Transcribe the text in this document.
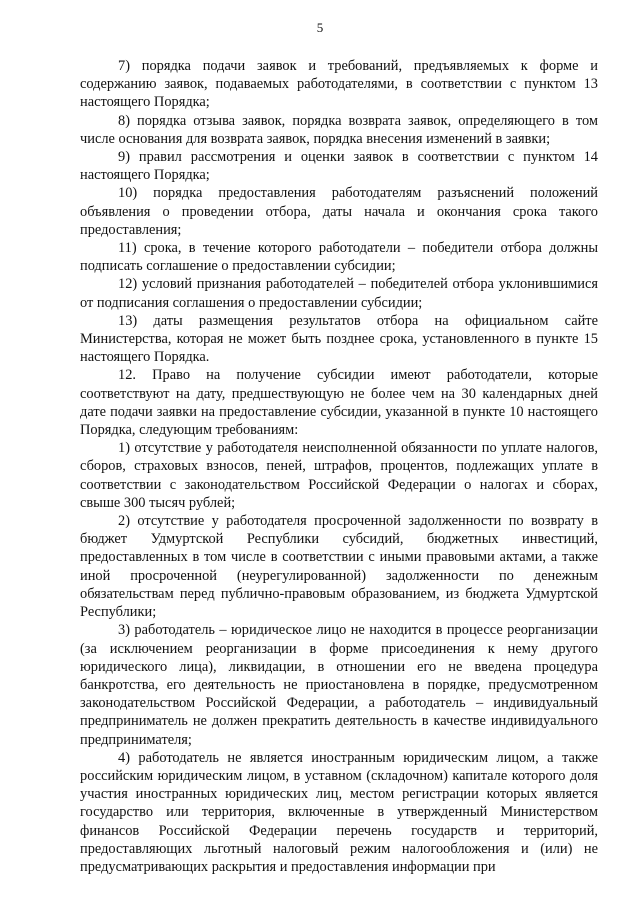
5

7) порядка подачи заявок и требований, предъявляемых к форме и содержанию заявок, подаваемых работодателями, в соответствии с пунктом 13 настоящего Порядка;

8) порядка отзыва заявок, порядка возврата заявок, определяющего в том числе основания для возврата заявок, порядка внесения изменений в заявки;

9) правил рассмотрения и оценки заявок в соответствии с пунктом 14 настоящего Порядка;

10) порядка предоставления работодателям разъяснений положений объявления о проведении отбора, даты начала и окончания срока такого предоставления;

11) срока, в течение которого работодатели – победители отбора должны подписать соглашение о предоставлении субсидии;

12) условий признания работодателей – победителей отбора уклонившимися от подписания соглашения о предоставлении субсидии;

13) даты размещения результатов отбора на официальном сайте Министерства, которая не может быть позднее срока, установленного в пункте 15 настоящего Порядка.

12. Право на получение субсидии имеют работодатели, которые соответствуют на дату, предшествующую не более чем на 30 календарных дней дате подачи заявки на предоставление субсидии, указанной в пункте 10 настоящего Порядка, следующим требованиям:

1) отсутствие у работодателя неисполненной обязанности по уплате налогов, сборов, страховых взносов, пеней, штрафов, процентов, подлежащих уплате в соответствии с законодательством Российской Федерации о налогах и сборах, свыше 300 тысяч рублей;

2) отсутствие у работодателя просроченной задолженности по возврату в бюджет Удмуртской Республики субсидий, бюджетных инвестиций, предоставленных в том числе в соответствии с иными правовыми актами, а также иной просроченной (неурегулированной) задолженности по денежным обязательствам перед публично-правовым образованием, из бюджета Удмуртской Республики;

3) работодатель – юридическое лицо не находится в процессе реорганизации (за исключением реорганизации в форме присоединения к нему другого юридического лица), ликвидации, в отношении его не введена процедура банкротства, его деятельность не приостановлена в порядке, предусмотренном законодательством Российской Федерации, а работодатель – индивидуальный предприниматель не должен прекратить деятельность в качестве индивидуального предпринимателя;

4) работодатель не является иностранным юридическим лицом, а также российским юридическим лицом, в уставном (складочном) капитале которого доля участия иностранных юридических лиц, местом регистрации которых является государство или территория, включенные в утвержденный Министерством финансов Российской Федерации перечень государств и территорий, предоставляющих льготный налоговый режим налогообложения и (или) не предусматривающих раскрытия и предоставления информации при
